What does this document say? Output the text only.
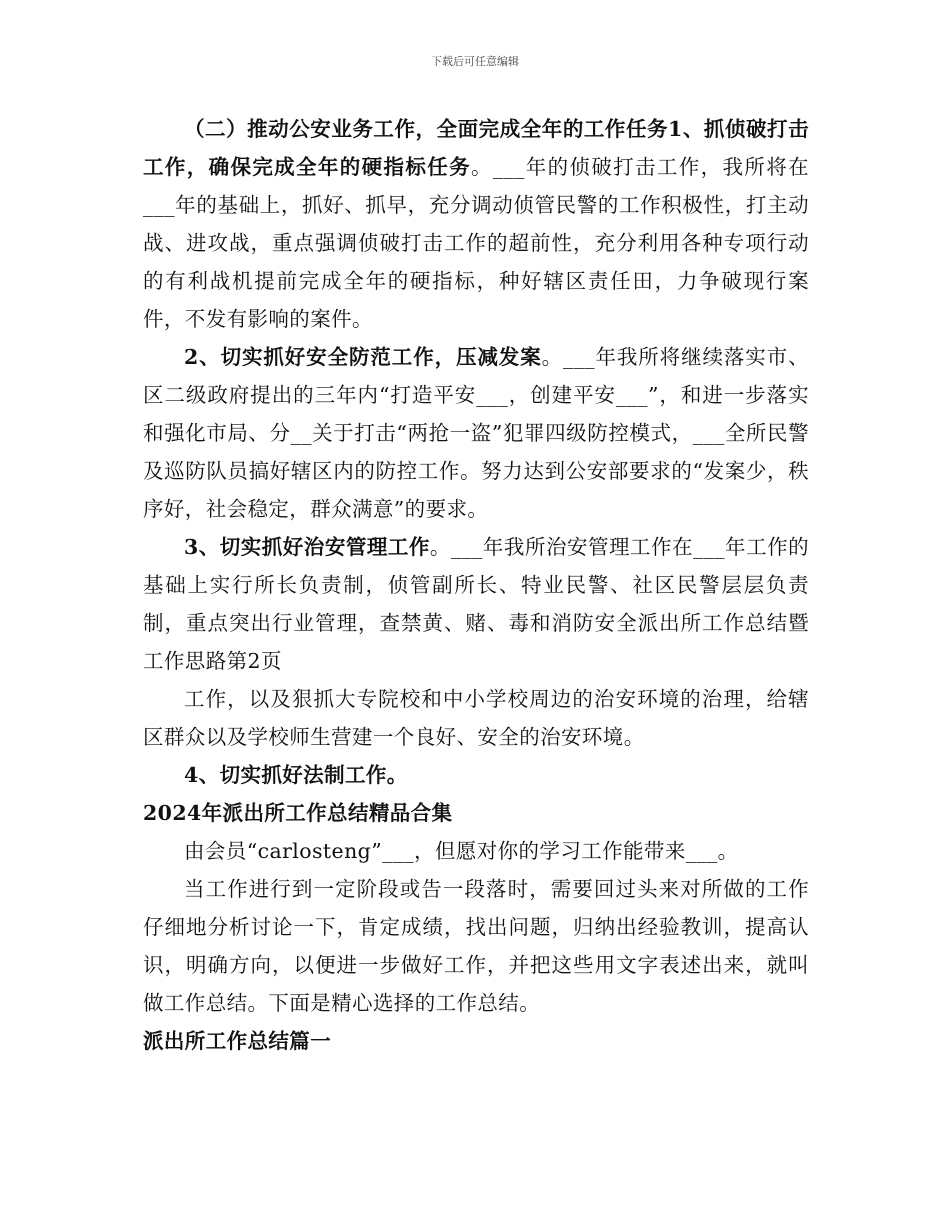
下载后可任意编辑

（二）推动公安业务工作，全面完成全年的工作任务1、抓侦破打击工作，确保完成全年的硬指标任务。___年的侦破打击工作，我所将在___年的基础上，抓好、抓早，充分调动侦管民警的工作积极性，打主动战、进攻战，重点强调侦破打击工作的超前性，充分利用各种专项行动的有利战机提前完成全年的硬指标，种好辖区责任田，力争破现行案件，不发有影响的案件。

2、切实抓好安全防范工作，压减发案。___年我所将继续落实市、区二级政府提出的三年内“打造平安___，创建平安___”，和进一步落实和强化市局、分__关于打击“两抢一盗”犯罪四级防控模式，___全所民警及巡防队员搞好辖区内的防控工作。努力达到公安部要求的“发案少，秩序好，社会稳定，群众满意”的要求。

3、切实抓好治安管理工作。___年我所治安管理工作在___年工作的基础上实行所长负责制，侦管副所长、特业民警、社区民警层层负责制，重点突出行业管理，查禁黄、赌、毒和消防安全派出所工作总结暨工作思路第2页

工作，以及狠抓大专院校和中小学校周边的治安环境的治理，给辖区群众以及学校师生营建一个良好、安全的治安环境。

4、切实抓好法制工作。

2024年派出所工作总结精品合集

由会员“carlosteng”___，但愿对你的学习工作能带来___。

当工作进行到一定阶段或告一段落时，需要回过头来对所做的工作仔细地分析讨论一下，肯定成绩，找出问题，归纳出经验教训，提高认识，明确方向，以便进一步做好工作，并把这些用文字表述出来，就叫做工作总结。下面是精心选择的工作总结。

派出所工作总结篇一
